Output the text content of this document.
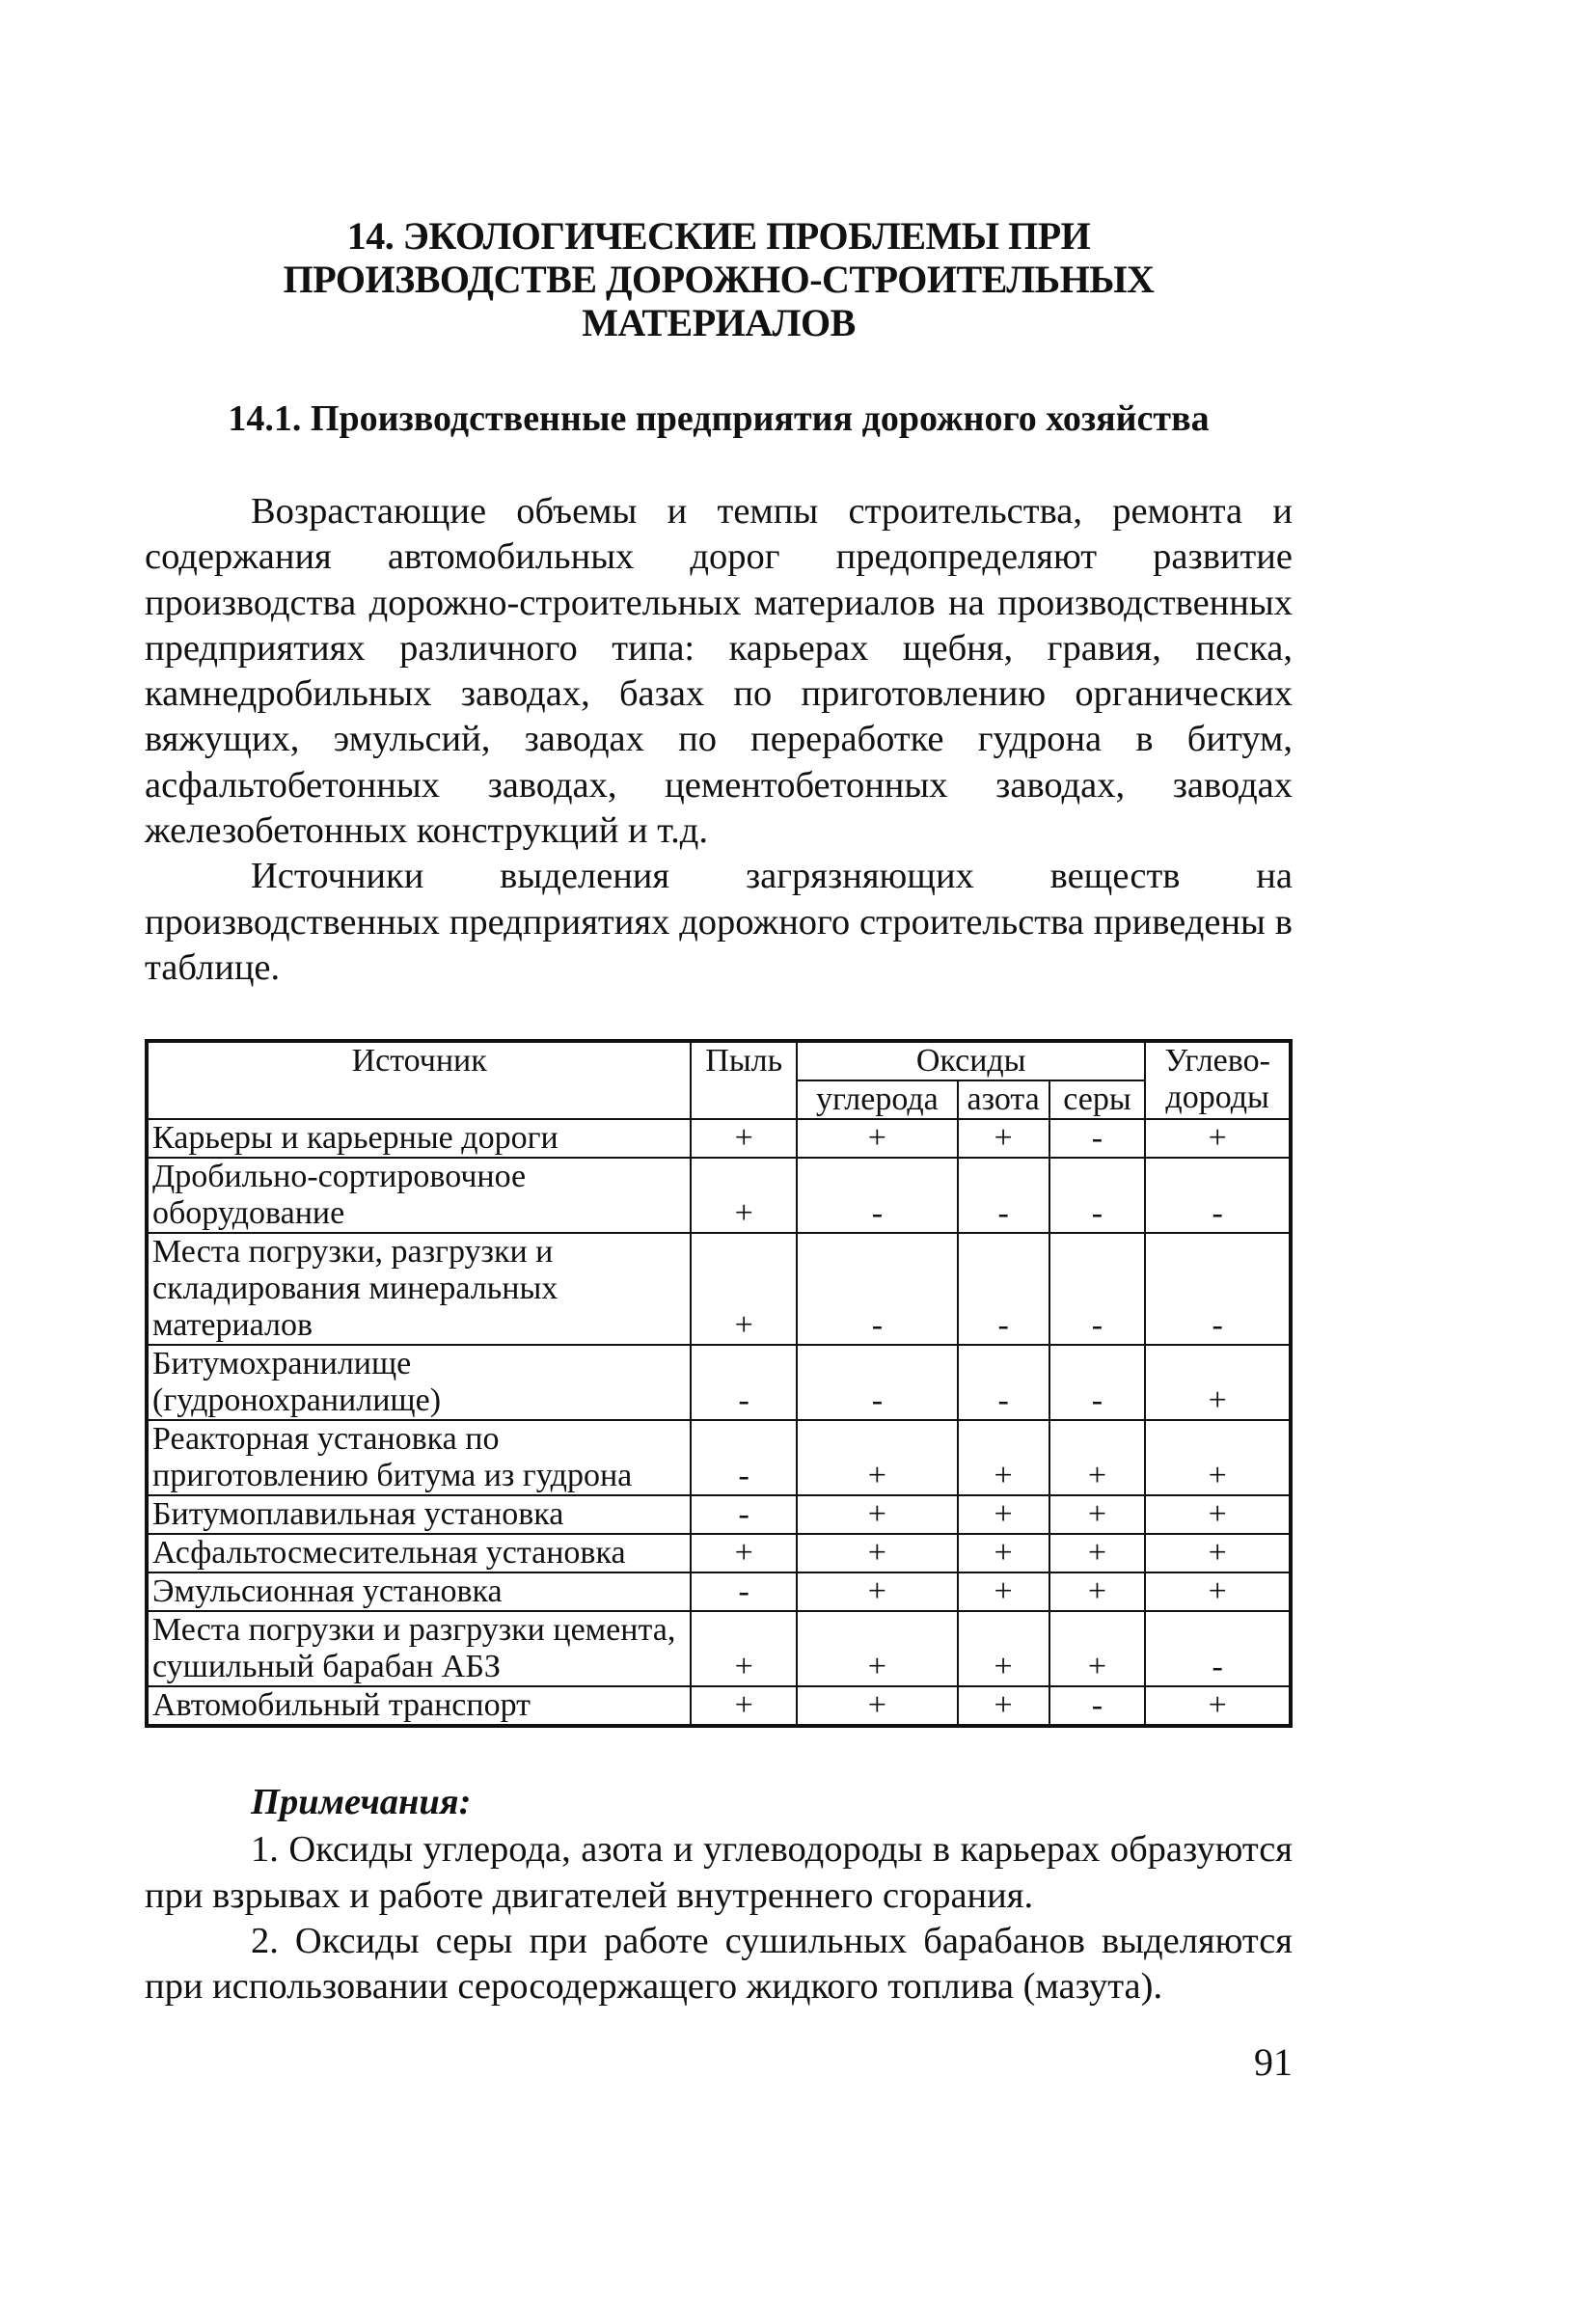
14. ЭКОЛОГИЧЕСКИЕ ПРОБЛЕМЫ ПРИ
ПРОИЗВОДСТВЕ ДОРОЖНО-СТРОИТЕЛЬНЫХ
МАТЕРИАЛОВ
14.1. Производственные предприятия дорожного хозяйства

Возрастающие объемы и темпы строительства, ремонта и содержания автомобильных дорог предопределяют развитие производства дорожно-строительных материалов на производственных предприятиях различного типа: карьерах щебня, гравия, песка, камнедробильных заводах, базах по приготовлению органических вяжущих, эмульсий, заводах по переработке гудрона в битум, асфальтобетонных заводах, цементобетонных заводах, заводах железобетонных конструкций и т.д.

Источники выделения загрязняющих веществ на производственных предприятиях дорожного строительства приведены в таблице.

Источник	Пыль	Оксиды			Углево-
дороды

		углерода	азота	серы	
Карьеры и карьерные дороги	+	+	+	-	+
Дробильно-сортировочное оборудование	+	-	-	-	-
Места погрузки, разгрузки и складирования минеральных материалов	+	-	-	-	-
Битумохранилище (гудронохранилище)	-	-	-	-	+
Реакторная установка по приготовлению битума из гудрона	-	+	+	+	+
Битумоплавильная установка	-	+	+	+	+
Асфальтосмесительная установка	+	+	+	+	+
Эмульсионная установка	-	+	+	+	+
Места погрузки и разгрузки цемента, сушильный барабан АБЗ	+	+	+	+	-
Автомобильный транспорт	+	+	+	-	+

Примечания:

1. Оксиды углерода, азота и углеводороды в карьерах образуются при взрывах и работе двигателей внутреннего сгорания.

2. Оксиды серы при работе сушильных барабанов выделяются при использовании серосодержащего жидкого топлива (мазута).

91
